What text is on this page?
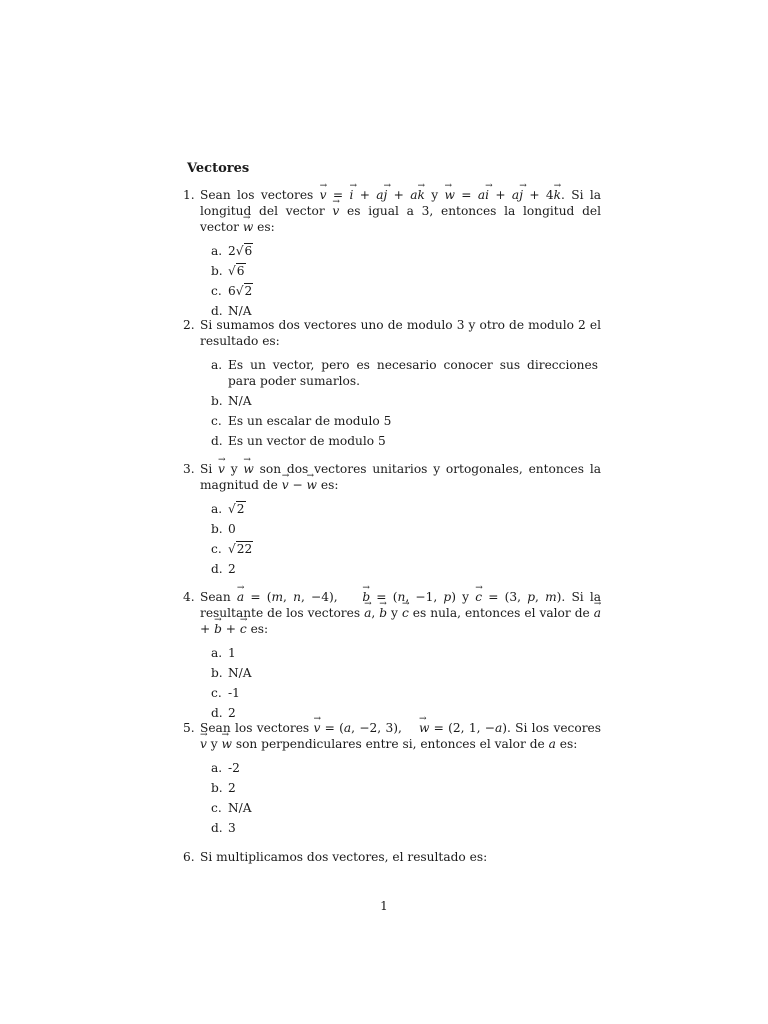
Vectores
1. Sean los vectores → v = → i + a→ j + a→ k y → w = a→ i + a→ j + 4→ k. Si la longitud del vector → v es igual a 3, entonces la longitud del vector → w es:
a. 2√6
b. √6
c. 6√2
d. N/A
2. Si sumamos dos vectores uno de modulo 3 y otro de modulo 2 el resultado es:
a. Es un vector, pero es necesario conocer sus direcciones para poder sumarlos.
b. N/A
c. Es un escalar de modulo 5
d. Es un vector de modulo 5
3. Si → v y → w son dos vectores unitarios y ortogonales, entonces la magnitud de → v − → w es:
a. √2
b. 0
c. √22
d. 2
4. Sean → a = (m, n, −4),    → b = (n, −1, p) y → c = (3, p, m). Si la resultante de los vectores → a, → b y → c es nula, entonces el valor de → a + → b + → c es:
a. 1
b. N/A
c. -1
d. 2
5. Sean los vectores → v = (a, −2, 3),    → w = (2, 1, −a). Si los vecores → v y → w son perpendiculares entre si, entonces el valor de a es:
a. -2
b. 2
c. N/A
d. 3
6. Si multiplicamos dos vectores, el resultado es:
1
